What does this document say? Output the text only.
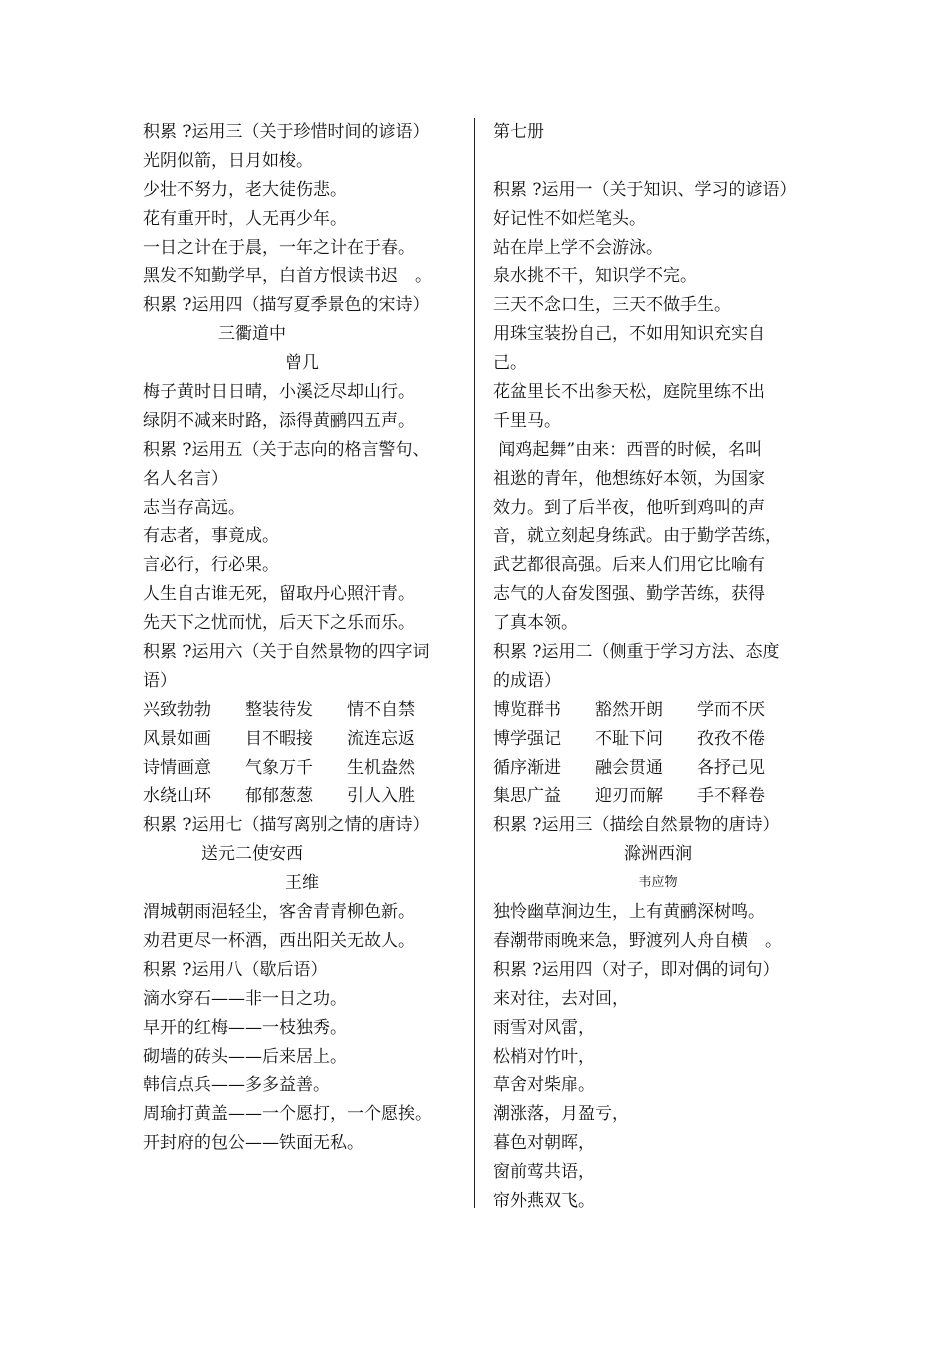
积累 ?运用三（关于珍惜时间的谚语）
光阴似箭，日月如梭。
少壮不努力，老大徒伤悲。
花有重开时，人无再少年。
一日之计在于晨，一年之计在于春。
黑发不知勤学早，白首方恨读书迟　。
积累 ?运用四（描写夏季景色的宋诗）
三衢道中
曾几
梅子黄时日日晴，小溪泛尽却山行。
绿阴不减来时路，添得黄鹂四五声。
积累 ?运用五（关于志向的格言警句、
名人名言）
志当存高远。
有志者，事竟成。
言必行，行必果。
人生自古谁无死，留取丹心照汗青。
先天下之忧而忧，后天下之乐而乐。
积累 ?运用六（关于自然景物的四字词
语）
兴致勃勃　　整装待发　　情不自禁
风景如画　　目不暇接　　流连忘返
诗情画意　　气象万千　　生机盎然
水绕山环　　郁郁葱葱　　引人入胜
积累 ?运用七（描写离别之情的唐诗）
送元二使安西
王维
渭城朝雨浥轻尘，客舍青青柳色新。
劝君更尽一杯酒，西出阳关无故人。
积累 ?运用八（歇后语）
滴水穿石——非一日之功。
早开的红梅——一枝独秀。
砌墙的砖头——后来居上。
韩信点兵——多多益善。
周瑜打黄盖——一个愿打，一个愿挨。
开封府的包公——铁面无私。
第七册
积累 ?运用一（关于知识、学习的谚语）
好记性不如烂笔头。
站在岸上学不会游泳。
泉水挑不干，知识学不完。
三天不念口生，三天不做手生。
用珠宝装扮自己，不如用知识充实自
己。
花盆里长不出参天松，庭院里练不出
千里马。
闻鸡起舞”由来：西晋的时候，名叫
祖逖的青年，他想练好本领，为国家
效力。到了后半夜，他听到鸡叫的声
音，就立刻起身练武。由于勤学苦练，
武艺都很高强。后来人们用它比喻有
志气的人奋发图强、勤学苦练，获得
了真本领。
积累 ?运用二（侧重于学习方法、态度
的成语）
博览群书　　豁然开朗　　学而不厌
博学强记　　不耻下问　　孜孜不倦
循序渐进　　融会贯通　　各抒己见
集思广益　　迎刃而解　　手不释卷
积累 ?运用三（描绘自然景物的唐诗）
滁洲西涧
韦应物
独怜幽草涧边生，上有黄鹂深树鸣。
春潮带雨晚来急，野渡列人舟自横　。
积累 ?运用四（对子，即对偶的词句）
来对往，去对回，
雨雪对风雷，
松梢对竹叶，
草舍对柴扉。
潮涨落，月盈亏，
暮色对朝晖，
窗前莺共语，
帘外燕双飞。
